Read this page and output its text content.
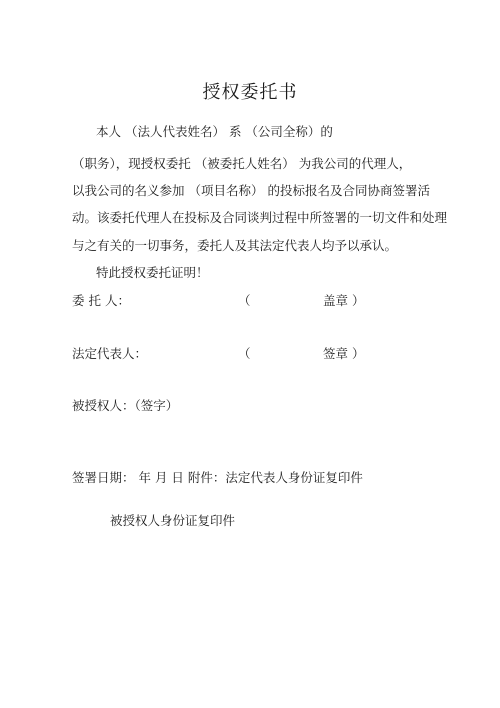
授权委托书
本人 （法人代表姓名） 系 （公司全称）的
（职务），现授权委托 （被委托人姓名） 为我公司的代理人，
以我公司的名义参加 （项目名称） 的投标报名及合同协商签署活
动。该委托代理人在投标及合同谈判过程中所签署的一切文件和处理
与之有关的一切事务，委托人及其法定代表人均予以承认。
特此授权委托证明！
委 托 人：	（	盖章 ）
法定代表人：	（	签章 ）
被授权人：（签字）
签署日期： 年 月 日 附件：法定代表人身份证复印件
被授权人身份证复印件
